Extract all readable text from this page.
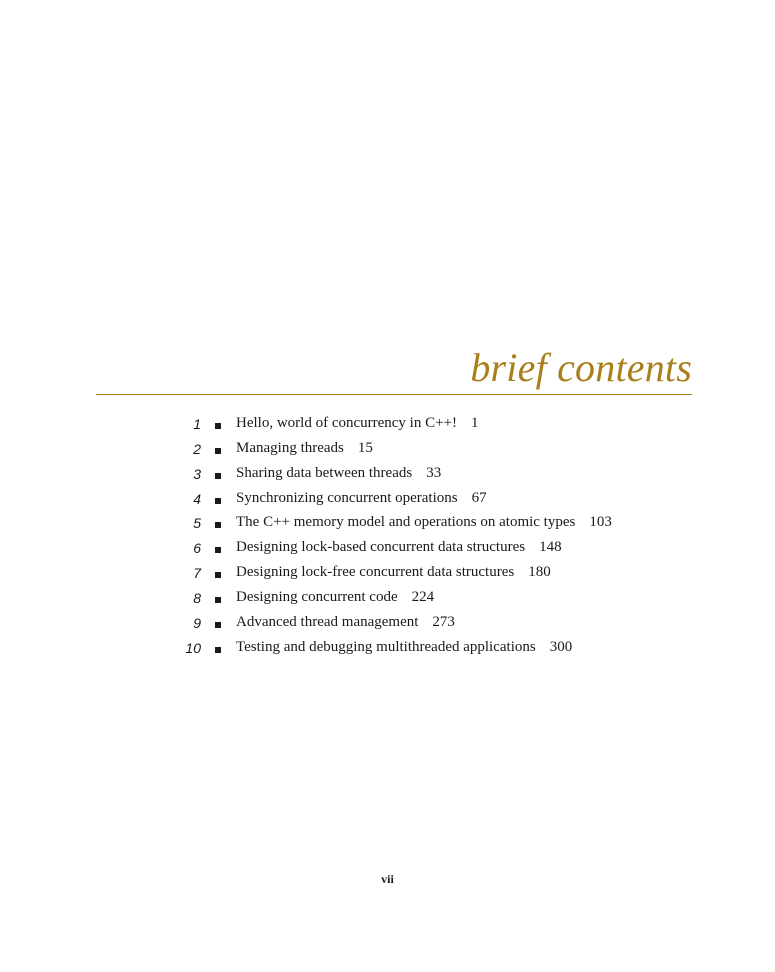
brief contents
1 Hello, world of concurrency in C++! 1
2 Managing threads 15
3 Sharing data between threads 33
4 Synchronizing concurrent operations 67
5 The C++ memory model and operations on atomic types 103
6 Designing lock-based concurrent data structures 148
7 Designing lock-free concurrent data structures 180
8 Designing concurrent code 224
9 Advanced thread management 273
10 Testing and debugging multithreaded applications 300
vii
